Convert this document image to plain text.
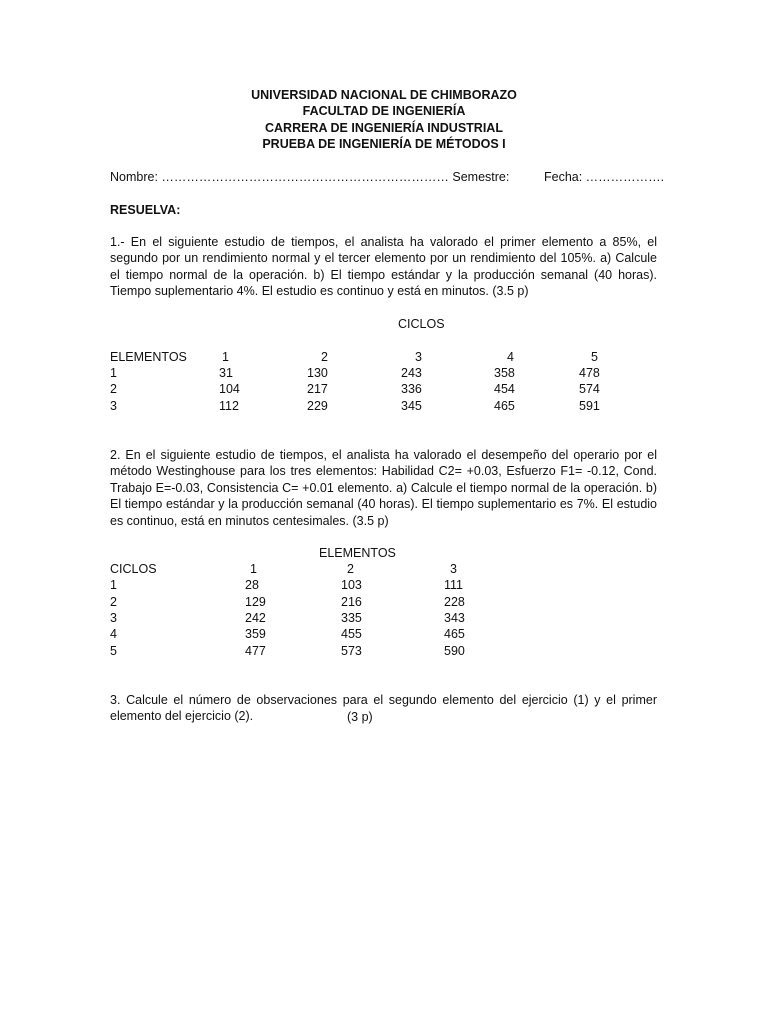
UNIVERSIDAD NACIONAL DE CHIMBORAZO
FACULTAD DE INGENIERÍA
CARRERA DE INGENIERÍA INDUSTRIAL
PRUEBA DE INGENIERÍA DE MÉTODOS I
Nombre: …………………………………………………………… Semestre:	Fecha: ……………….
RESUELVA:
1.- En el siguiente estudio de tiempos, el analista ha valorado el primer elemento a 85%, el segundo por un rendimiento normal y el tercer elemento por un rendimiento del 105%. a) Calcule el tiempo normal de la operación. b) El tiempo estándar y la producción semanal (40 horas). Tiempo suplementario 4%. El estudio es continuo y está en minutos. (3.5 p)
CICLOS
ELEMENTOS	1	2	3	4	5
1	31	130	243	358	478
2	104	217	336	454	574
3	112	229	345	465	591
2. En el siguiente estudio de tiempos, el analista ha valorado el desempeño del operario por el método Westinghouse para los tres elementos: Habilidad C2= +0.03, Esfuerzo F1= -0.12, Cond. Trabajo E=-0.03, Consistencia C= +0.01 elemento. a) Calcule el tiempo normal de la operación. b) El tiempo estándar y la producción semanal (40 horas). El tiempo suplementario es 7%. El estudio es continuo, está en minutos centesimales. (3.5 p)
ELEMENTOS
CICLOS	1	2	3
1	28	103	111
2	129	216	228
3	242	335	343
4	359	455	465
5	477	573	590
3. Calcule el número de observaciones para el segundo elemento del ejercicio (1) y el primer elemento del ejercicio (2).	(3 p)
